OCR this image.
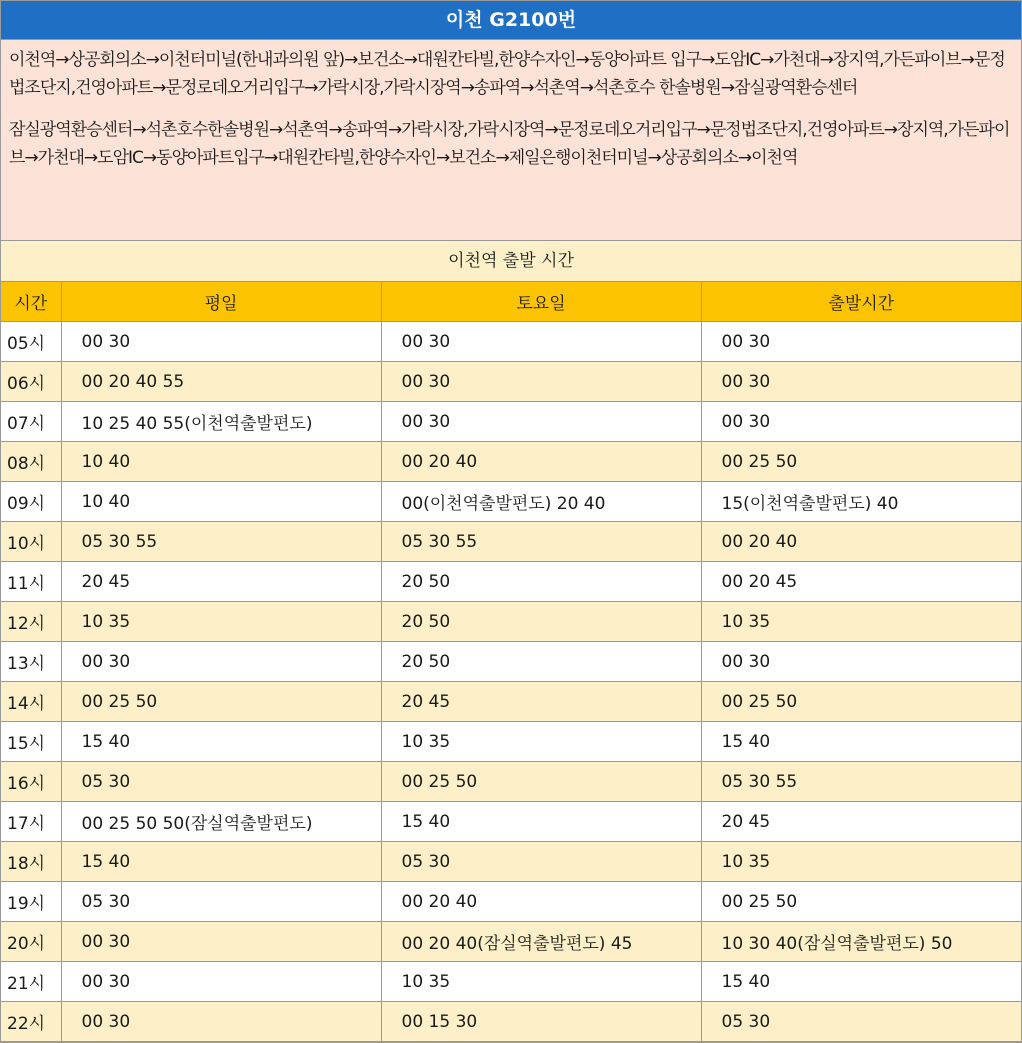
이천 G2100번

이천역→상공회의소→이천터미널(한내과의원 앞)→보건소→대원칸타빌,한양수자인→동양아파트 입구→도암IC→가천대→장지역,가든파이브→문정법조단지,건영아파트→문정로데오거리입구→가락시장,가락시장역→송파역→석촌역→석촌호수 한솔병원→잠실광역환승센터

잠실광역환승센터→석촌호수한솔병원→석촌역→송파역→가락시장,가락시장역→문정로데오거리입구→문정법조단지,건영아파트→장지역,가든파이브→가천대→도암IC→동양아파트입구→대원칸타빌,한양수자인→보건소→제일은행이천터미널→상공회의소→이천역

이천역 출발 시간
시간	평일	토요일	출발시간
05시	00 30	00 30	00 30
06시	00 20 40 55	00 30	00 30
07시	10 25 40 55(이천역출발편도)	00 30	00 30
08시	10 40	00 20 40	00 25 50
09시	10 40	00(이천역출발편도) 20 40	15(이천역출발편도) 40
10시	05 30 55	05 30 55	00 20 40
11시	20 45	20 50	00 20 45
12시	10 35	20 50	10 35
13시	00 30	20 50	00 30
14시	00 25 50	20 45	00 25 50
15시	15 40	10 35	15 40
16시	05 30	00 25 50	05 30 55
17시	00 25 50 50(잠실역출발편도)	15 40	20 45
18시	15 40	05 30	10 35
19시	05 30	00 20 40	00 25 50
20시	00 30	00 20 40(잠실역출발편도) 45	10 30 40(잠실역출발편도) 50
21시	00 30	10 35	15 40
22시	00 30	00 15 30	05 30
